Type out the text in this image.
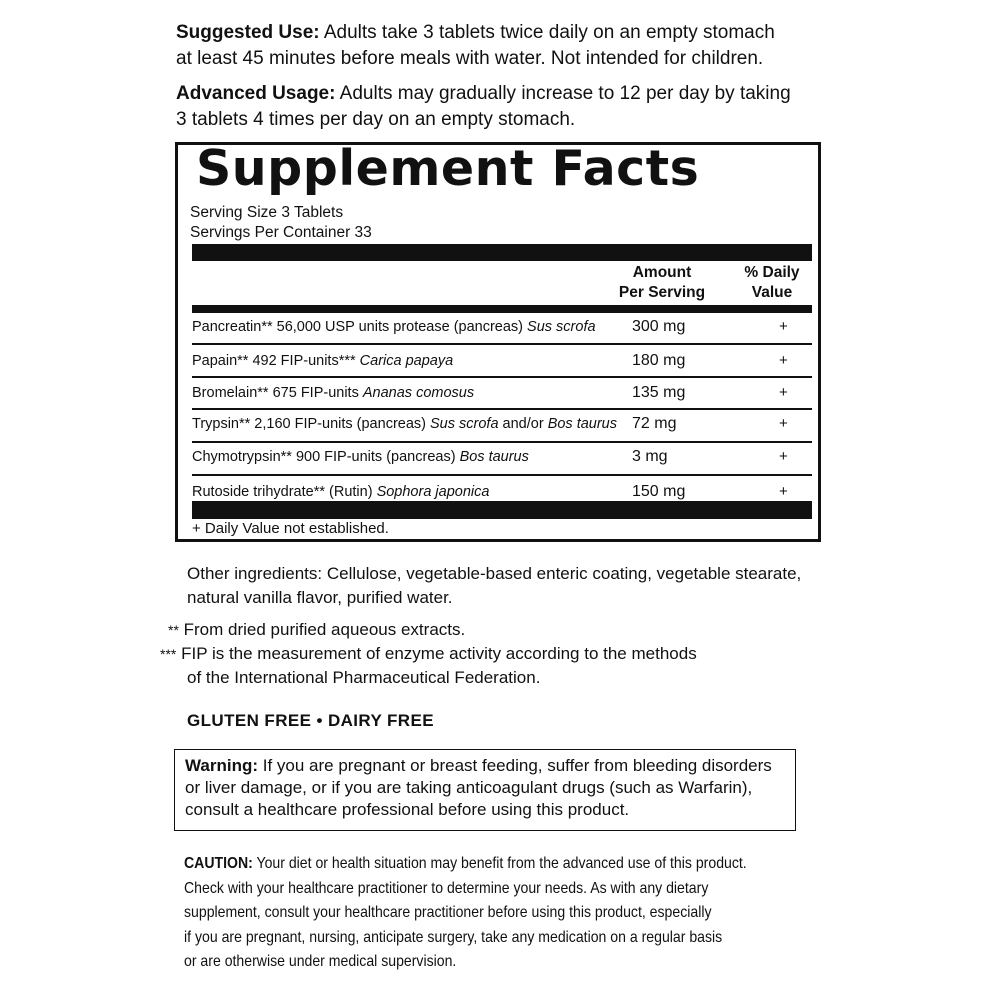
Suggested Use: Adults take 3 tablets twice daily on an empty stomach
at least 45 minutes before meals with water. Not intended for children.
Advanced Usage: Adults may gradually increase to 12 per day by taking
3 tablets 4 times per day on an empty stomach.
Supplement Facts
Serving Size 3 Tablets
Servings Per Container 33
Amount
Per Serving
% Daily
Value
Pancreatin** 56,000 USP units protease (pancreas) Sus scrofa 300 mg	+
Papain** 492 FIP-units*** Carica papaya	180 mg	+
Bromelain** 675 FIP-units Ananas comosus	135 mg	+
Trypsin** 2,160 FIP-units (pancreas) Sus scrofa and/or Bos taurus 72 mg	+
Chymotrypsin** 900 FIP-units (pancreas) Bos taurus	3 mg	+
Rutoside trihydrate** (Rutin) Sophora japonica	150 mg	+
+ Daily Value not established.
Other ingredients: Cellulose, vegetable-based enteric coating, vegetable stearate,
natural vanilla flavor, purified water.
** From dried purified aqueous extracts.
*** FIP is the measurement of enzyme activity according to the methods
of the International Pharmaceutical Federation.
GLUTEN FREE • DAIRY FREE
Warning: If you are pregnant or breast feeding, suffer from bleeding disorders
or liver damage, or if you are taking anticoagulant drugs (such as Warfarin),
consult a healthcare professional before using this product.
CAUTION: Your diet or health situation may benefit from the advanced use of this product.
Check with your healthcare practitioner to determine your needs. As with any dietary
supplement, consult your healthcare practitioner before using this product, especially
if you are pregnant, nursing, anticipate surgery, take any medication on a regular basis
or are otherwise under medical supervision.
